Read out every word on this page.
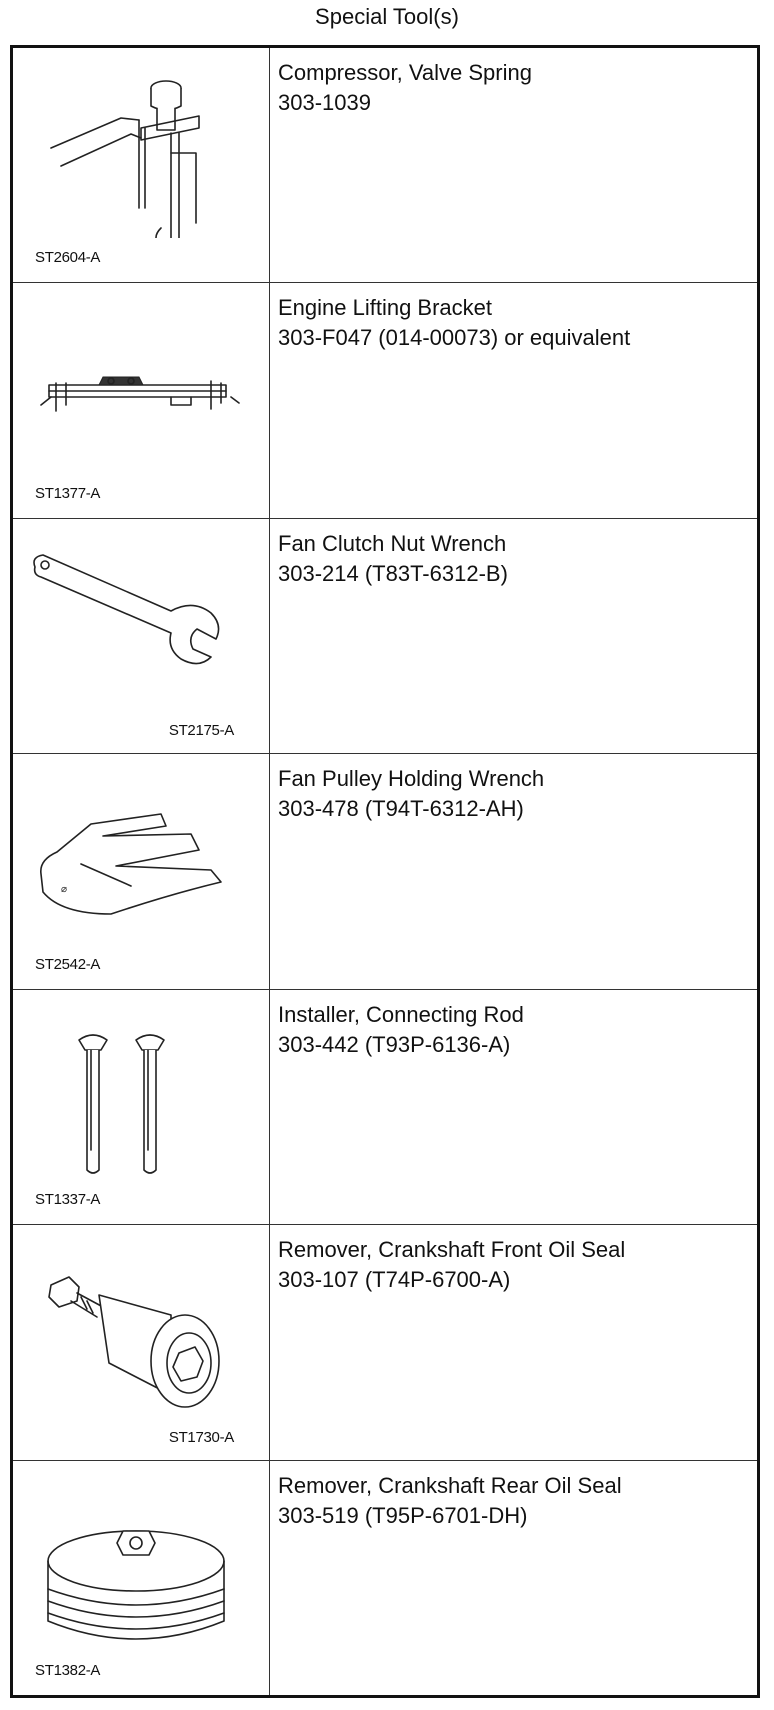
Special Tool(s)
ST2604-A
Compressor, Valve Spring
303-1039
ST1377-A
Engine Lifting Bracket
303-F047 (014-00073) or equivalent
ST2175-A
Fan Clutch Nut Wrench
303-214 (T83T-6312-B)
⌀
ST2542-A
Fan Pulley Holding Wrench
303-478 (T94T-6312-AH)
ST1337-A
Installer, Connecting Rod
303-442 (T93P-6136-A)
ST1730-A
Remover, Crankshaft Front Oil Seal
303-107 (T74P-6700-A)
ST1382-A
Remover, Crankshaft Rear Oil Seal
303-519 (T95P-6701-DH)
